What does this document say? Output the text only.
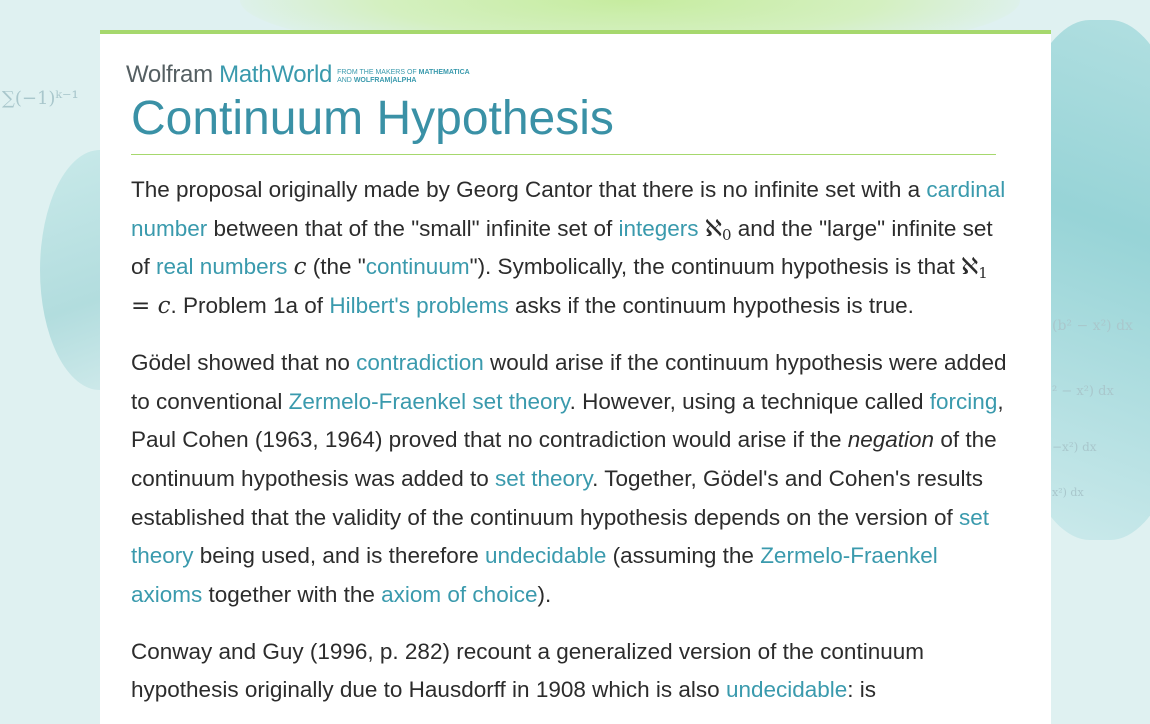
∑(−1)ᵏ⁻¹
(b² − x²) dx
² − x²) dx
−x²) dx
x²) dx
Wolfram MathWorld FROM THE MAKERS OF MATHEMATICA
AND WOLFRAM|ALPHA
Continuum Hypothesis

The proposal originally made by Georg Cantor that there is no infinite set with a cardinal number between that of the "small" infinite set of integers ℵ$_0$ and the "large" infinite set of real numbers c (the "continuum"). Symbolically, the continuum hypothesis is that ℵ$_1$ = c. Problem 1a of Hilbert's problems asks if the continuum hypothesis is true.

Gödel showed that no contradiction would arise if the continuum hypothesis were added to conventional Zermelo-Fraenkel set theory. However, using a technique called forcing, Paul Cohen (1963, 1964) proved that no contradiction would arise if the negation of the continuum hypothesis was added to set theory. Together, Gödel's and Cohen's results established that the validity of the continuum hypothesis depends on the version of set theory being used, and is therefore undecidable (assuming the Zermelo-Fraenkel axioms together with the axiom of choice).

Conway and Guy (1996, p. 282) recount a generalized version of the continuum hypothesis originally due to Hausdorff in 1908 which is also undecidable: is
